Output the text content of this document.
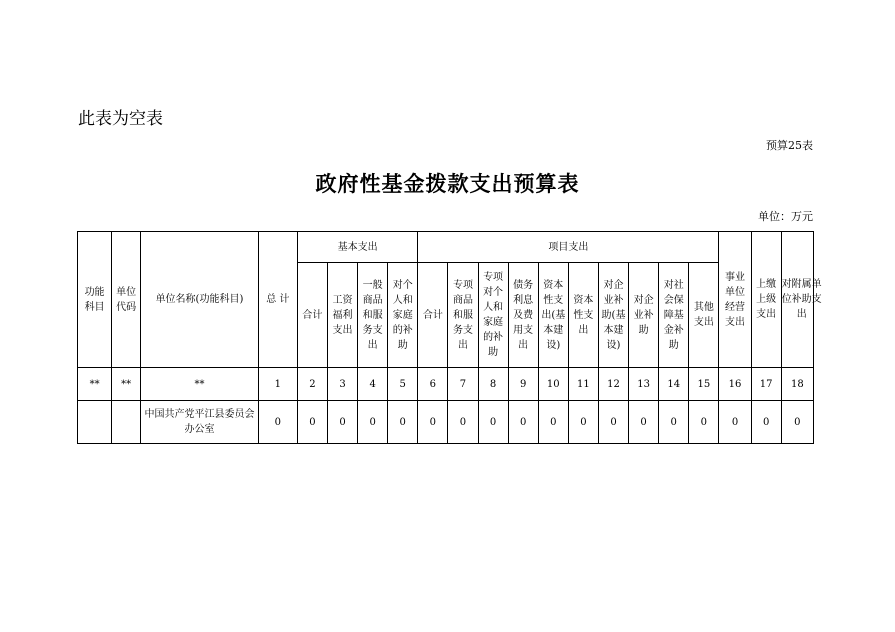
此表为空表
预算25表
政府性基金拨款支出预算表
单位：万元
功能科目	单位代码	单位名称(功能科目)	总 计	基本支出				项目支出										事业单位经营支出	上缴上级支出	对附属单位补助支出
				合计	工资福利支出	一般商品和服务支出	对个人和家庭的补助	合计	专项商品和服务支出	专项对个人和家庭的补助	债务利息及费用支出	资本性支出(基本建设)	资本性支出	对企业补助(基本建设)	对企业补助	对社会保障基金补助	其他支出			
**	**	**	1	2	3	4	5	6	7	8	9	10	11	12	13	14	15	16	17	18
		中国共产党平江县委员会办公室	0	0	0	0	0	0	0	0	0	0	0	0	0	0	0	0	0	0
